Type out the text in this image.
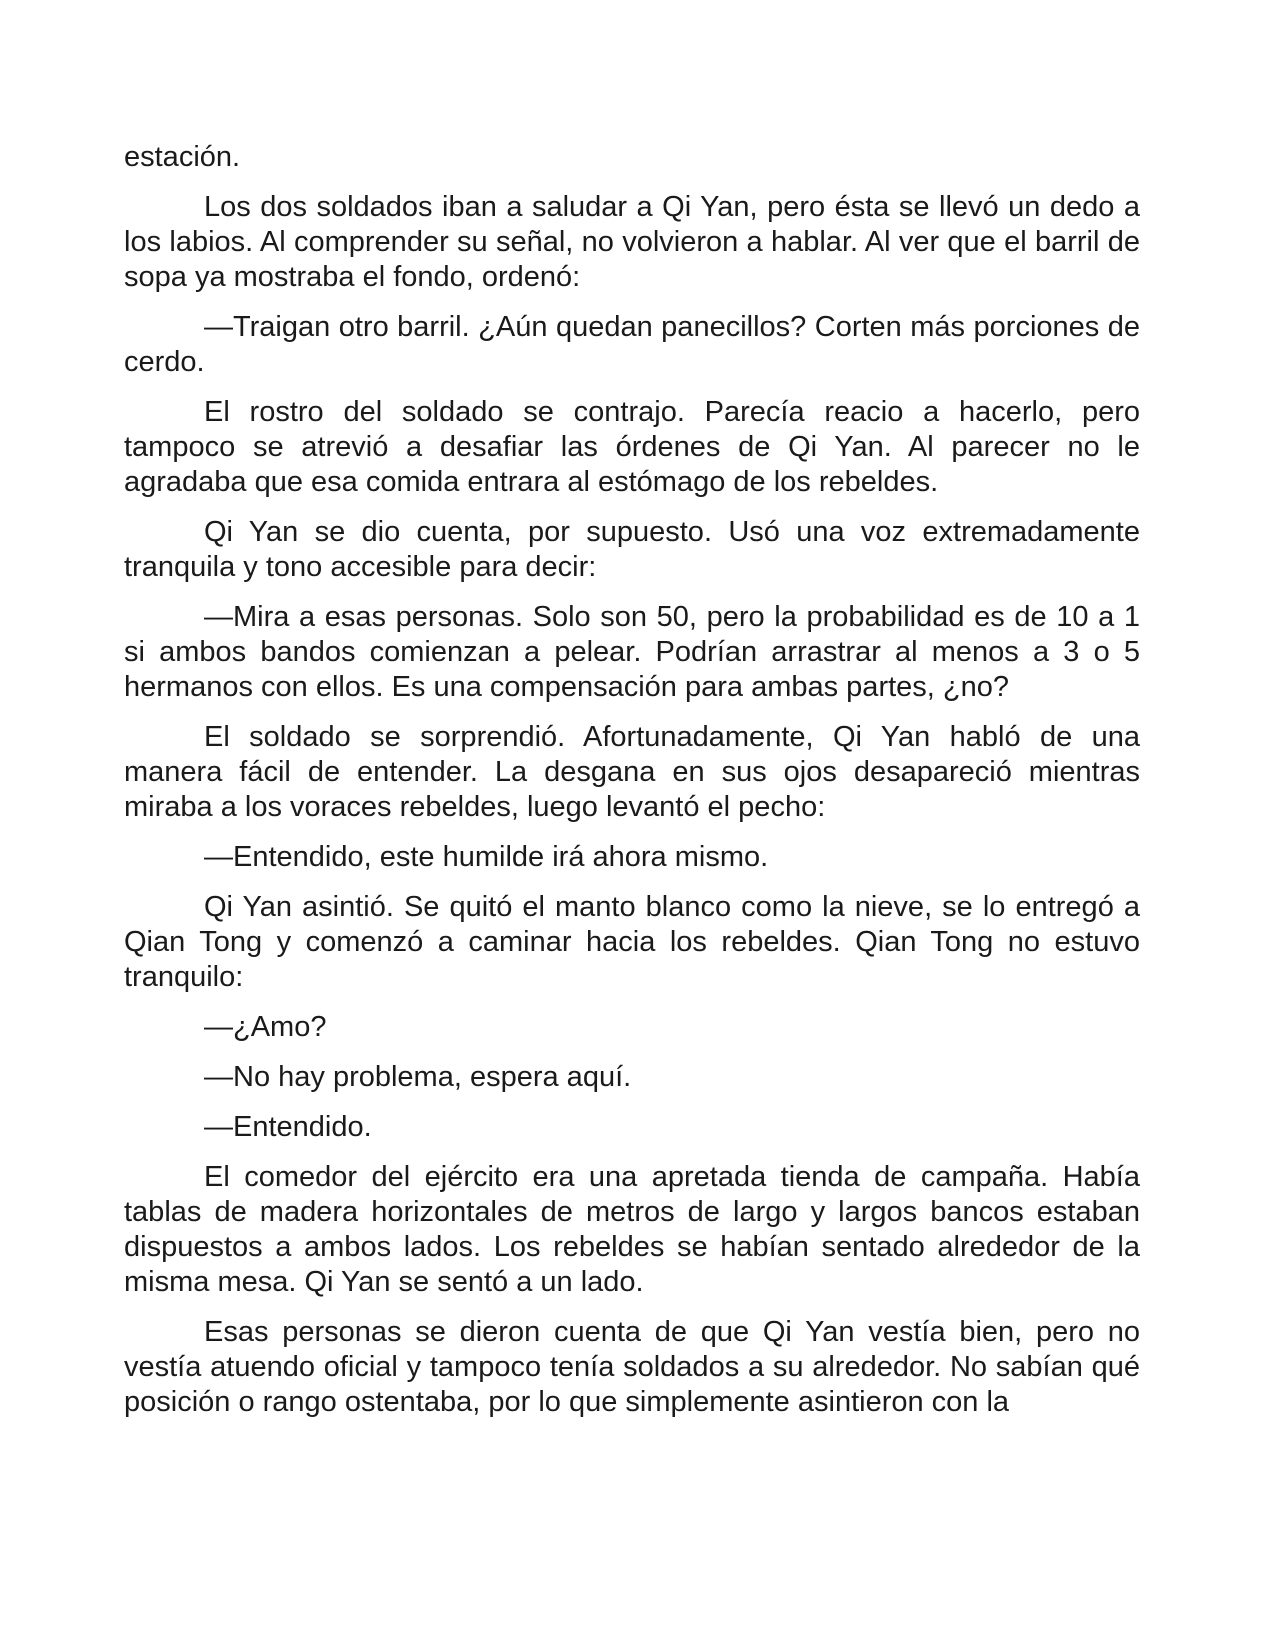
estación.

Los dos soldados iban a saludar a Qi Yan, pero ésta se llevó un dedo a los labios. Al comprender su señal, no volvieron a hablar. Al ver que el barril de sopa ya mostraba el fondo, ordenó:

—Traigan otro barril. ¿Aún quedan panecillos? Corten más porciones de cerdo.

El rostro del soldado se contrajo. Parecía reacio a hacerlo, pero tampoco se atrevió a desafiar las órdenes de Qi Yan. Al parecer no le agradaba que esa comida entrara al estómago de los rebeldes.

Qi Yan se dio cuenta, por supuesto. Usó una voz extremadamente tranquila y tono accesible para decir:

—Mira a esas personas. Solo son 50, pero la probabilidad es de 10 a 1 si ambos bandos comienzan a pelear. Podrían arrastrar al menos a 3 o 5 hermanos con ellos. Es una compensación para ambas partes, ¿no?

El soldado se sorprendió. Afortunadamente, Qi Yan habló de una manera fácil de entender. La desgana en sus ojos desapareció mientras miraba a los voraces rebeldes, luego levantó el pecho:

—Entendido, este humilde irá ahora mismo.

Qi Yan asintió. Se quitó el manto blanco como la nieve, se lo entregó a Qian Tong y comenzó a caminar hacia los rebeldes. Qian Tong no estuvo tranquilo:

—¿Amo?

—No hay problema, espera aquí.

—Entendido.

El comedor del ejército era una apretada tienda de campaña. Había tablas de madera horizontales de metros de largo y largos bancos estaban dispuestos a ambos lados. Los rebeldes se habían sentado alrededor de la misma mesa. Qi Yan se sentó a un lado.

Esas personas se dieron cuenta de que Qi Yan vestía bien, pero no vestía atuendo oficial y tampoco tenía soldados a su alrededor. No sabían qué posición o rango ostentaba, por lo que simplemente asintieron con la
